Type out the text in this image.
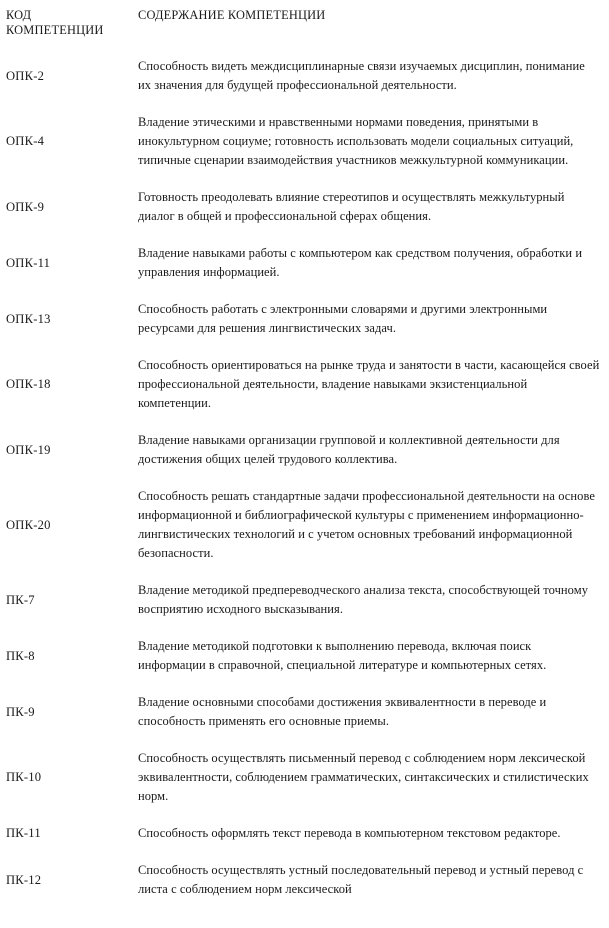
КОД КОМПЕТЕНЦИИ	СОДЕРЖАНИЕ КОМПЕТЕНЦИИ
ОПК-2	Способность видеть междисциплинарные связи изучаемых дисциплин, понимание их значения для будущей профессиональной деятельности.
ОПК-4	Владение этическими и нравственными нормами поведения, принятыми в инокультурном социуме; готовность использовать модели социальных ситуаций, типичные сценарии взаимодействия участников межкультурной коммуникации.
ОПК-9	Готовность преодолевать влияние стереотипов и осуществлять межкультурный диалог в общей и профессиональной сферах общения.
ОПК-11	Владение навыками работы с компьютером как средством получения, обработки и управления информацией.
ОПК-13	Способность работать с электронными словарями и другими электронными ресурсами для решения лингвистических задач.
ОПК-18	Способность ориентироваться на рынке труда и занятости в части, касающейся своей профессиональной деятельности, владение навыками экзистенциальной компетенции.
ОПК-19	Владение навыками организации групповой и коллективной деятельности для достижения общих целей трудового коллектива.
ОПК-20	Способность решать стандартные задачи профессиональной деятельности на основе информационной и библиографической культуры с применением информационно-лингвистических технологий и с учетом основных требований информационной безопасности.
ПК-7	Владение методикой предпереводческого анализа текста, способствующей точному восприятию исходного высказывания.
ПК-8	Владение методикой подготовки к выполнению перевода, включая поиск информации в справочной, специальной литературе и компьютерных сетях.
ПК-9	Владение основными способами достижения эквивалентности в переводе и способность применять его основные приемы.
ПК-10	Способность осуществлять письменный перевод с соблюдением норм лексической эквивалентности, соблюдением грамматических, синтаксических и стилистических норм.
ПК-11	Способность оформлять текст перевода в компьютерном текстовом редакторе.
ПК-12	Способность осуществлять устный последовательный перевод и устный перевод с листа с соблюдением норм лексической
